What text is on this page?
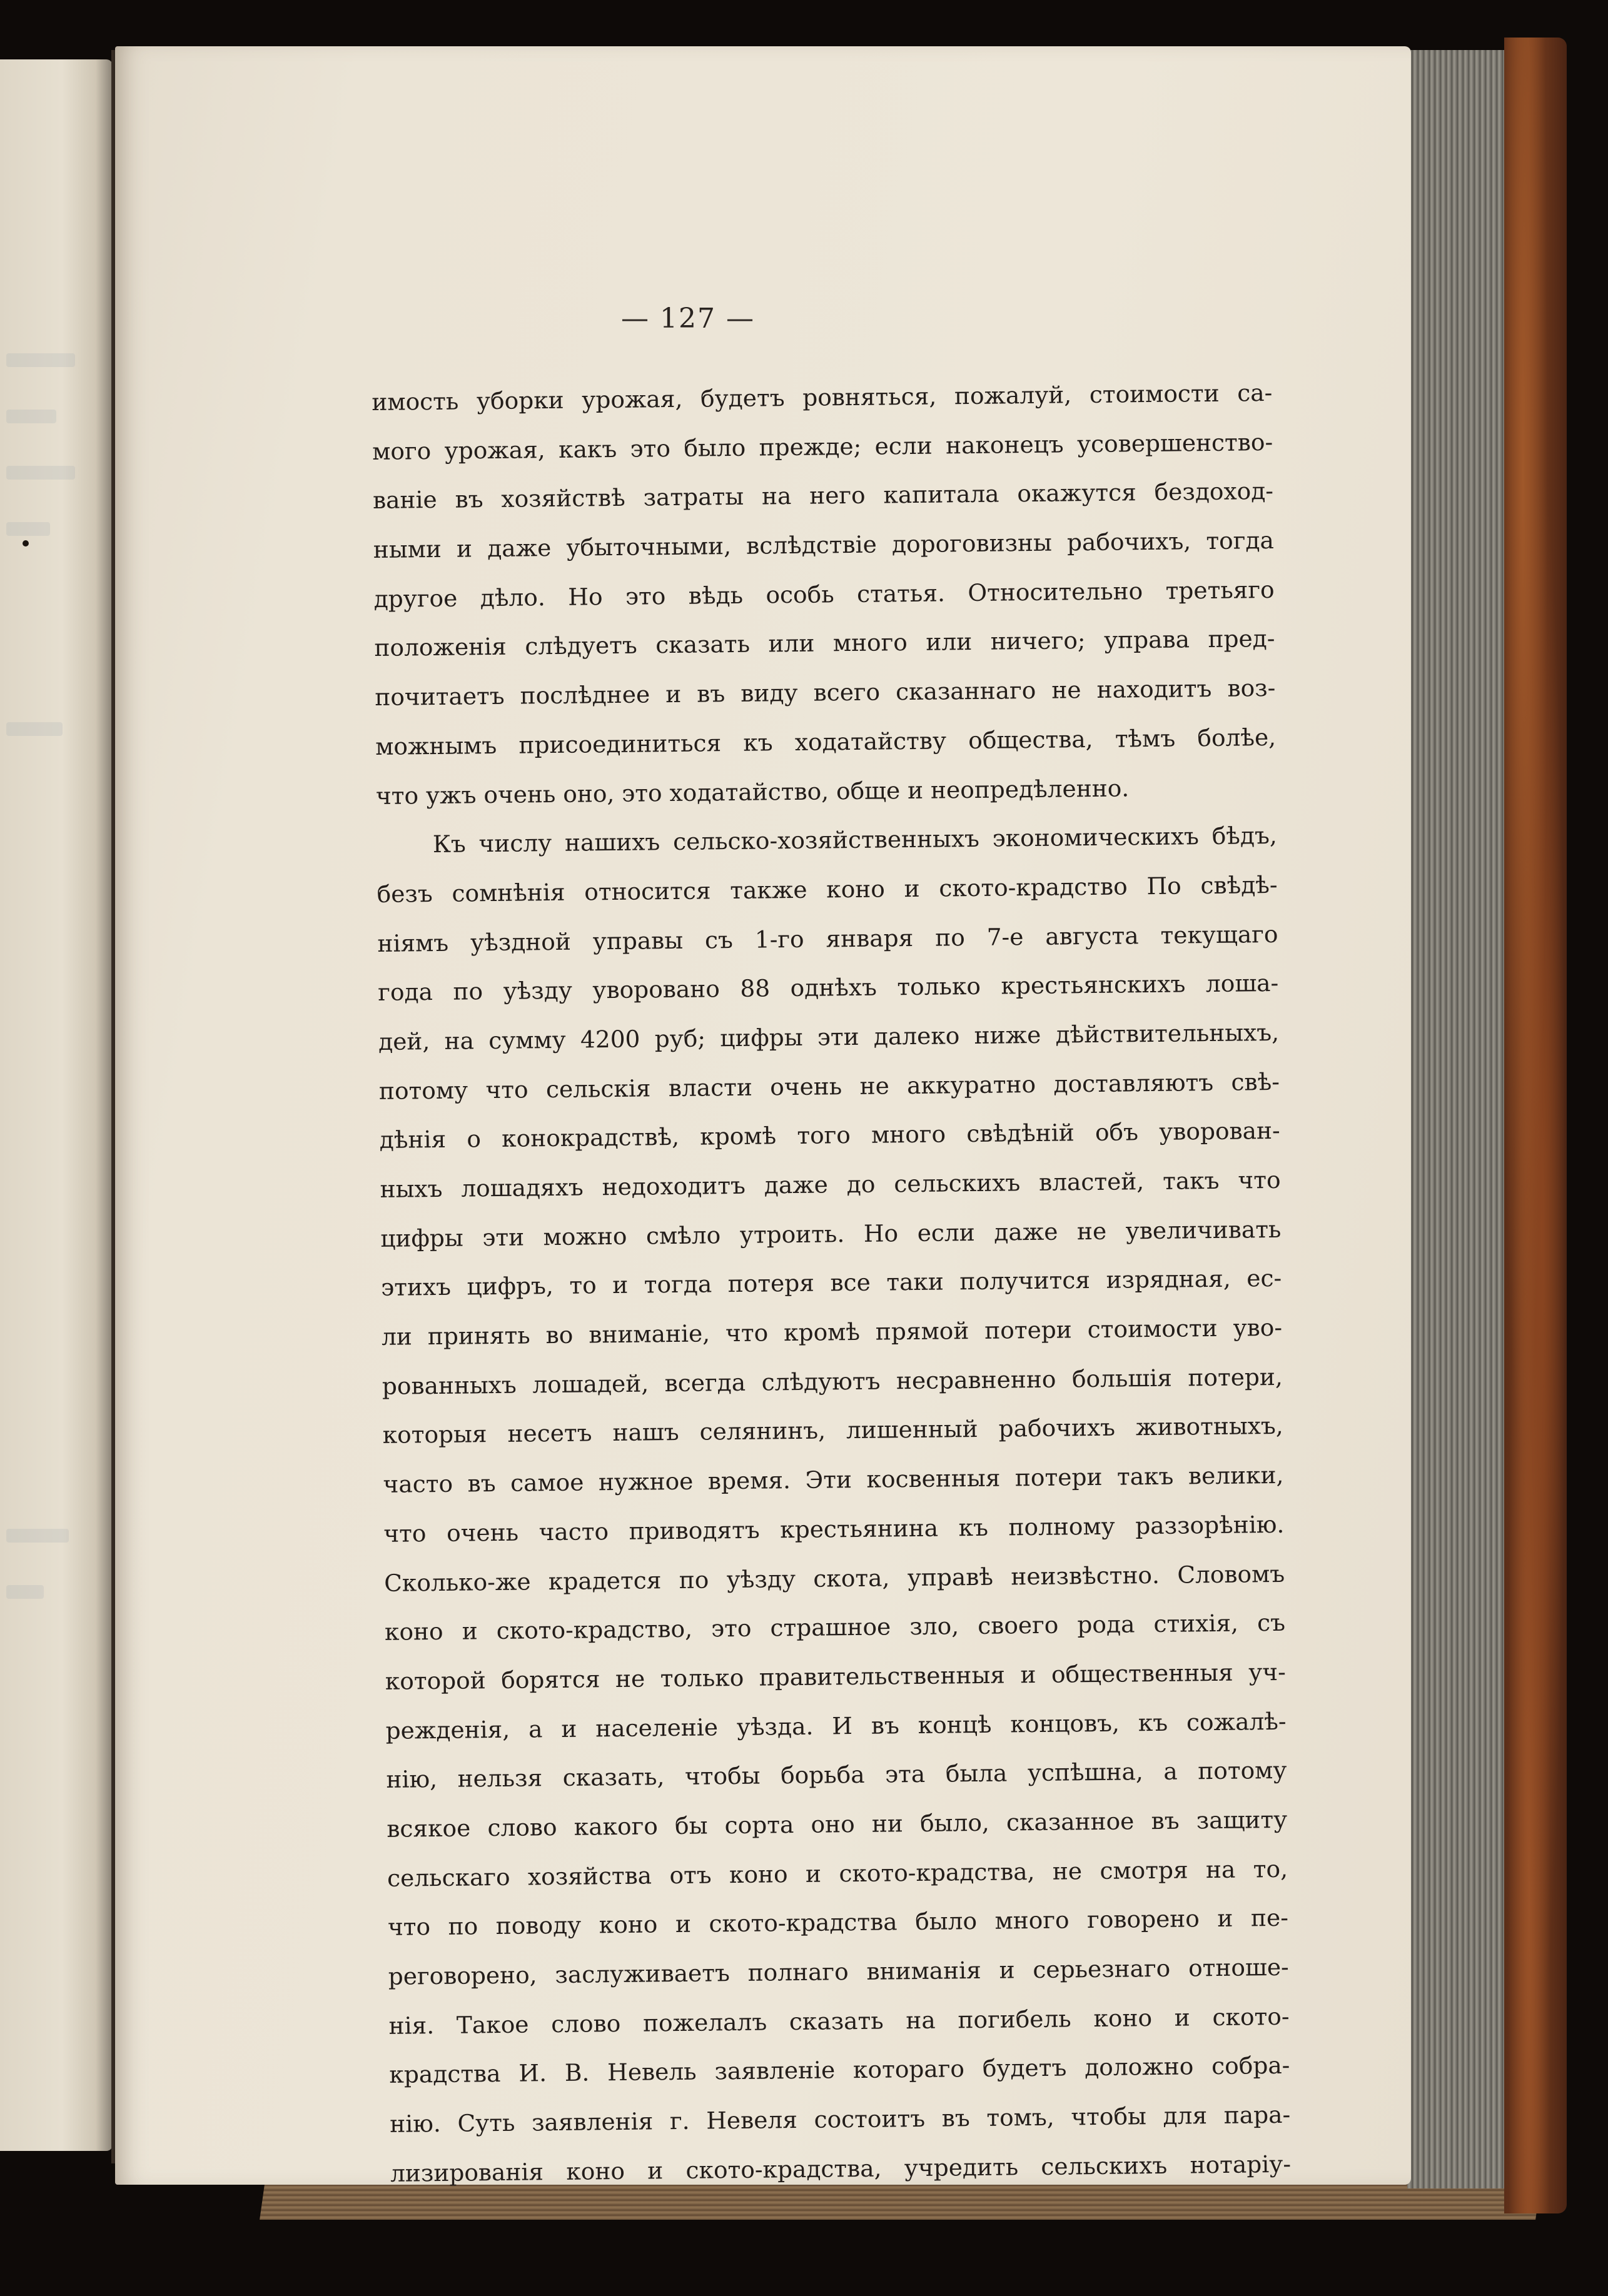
— 127 —
имость уборки урожая, будетъ ровняться, пожалуй, стоимости са-
мого урожая, какъ это было прежде; если наконецъ усовершенство-
ваніе въ хозяйствѣ затраты на него капитала окажутся бездоход-
ными и даже убыточными, вслѣдствіе дороговизны рабочихъ, тогда
другое дѣло. Но это вѣдь особь статья. Относительно третьяго
положенія слѣдуетъ сказать или много или ничего; управа пред-
почитаетъ послѣднее и въ виду всего сказаннаго не находитъ воз-
можнымъ присоединиться къ ходатайству общества, тѣмъ болѣе,
что ужъ очень оно, это ходатайство, обще и неопредѣленно.
Къ числу нашихъ сельско-хозяйственныхъ экономическихъ бѣдъ,
безъ сомнѣнія относится также коно и ското-крадство По свѣдѣ-
ніямъ уѣздной управы съ 1-го января по 7-е августа текущаго
года по уѣзду уворовано 88 однѣхъ только крестьянскихъ лоша-
дей, на сумму 4200 руб; цифры эти далеко ниже дѣйствительныхъ,
потому что сельскія власти очень не аккуратно доставляютъ свѣ-
дѣнія о конокрадствѣ, кромѣ того много свѣдѣній объ уворован-
ныхъ лошадяхъ недоходитъ даже до сельскихъ властей, такъ что
цифры эти можно смѣло утроить. Но если даже не увеличивать
этихъ цифръ, то и тогда потеря все таки получится изрядная, ес-
ли принять во вниманіе, что кромѣ прямой потери стоимости уво-
рованныхъ лошадей, всегда слѣдуютъ несравненно большія потери,
которыя несетъ нашъ селянинъ, лишенный рабочихъ животныхъ,
часто въ самое нужное время. Эти косвенныя потери такъ велики,
что очень часто приводятъ крестьянина къ полному раззорѣнію.
Сколько-же крадется по уѣзду скота, управѣ неизвѣстно. Словомъ
коно и ското-крадство, это страшное зло, своего рода стихія, съ
которой борятся не только правительственныя и общественныя уч-
режденія, а и населеніе уѣзда. И въ концѣ концовъ, къ сожалѣ-
нію, нельзя сказать, чтобы борьба эта была успѣшна, а потому
всякое слово какого бы сорта оно ни было, сказанное въ защиту
сельскаго хозяйства отъ коно и ското-крадства, не смотря на то,
что по поводу коно и ското-крадства было много говорено и пе-
реговорено, заслуживаетъ полнаго вниманія и серьезнаго отноше-
нія. Такое слово пожелалъ сказать на погибель коно и ското-
крадства И. В. Невель заявленіе котораго будетъ доложно собра-
нію. Суть заявленія г. Невеля состоитъ въ томъ, чтобы для пара-
лизированія коно и ското-крадства, учредить сельскихъ нотаріу-
